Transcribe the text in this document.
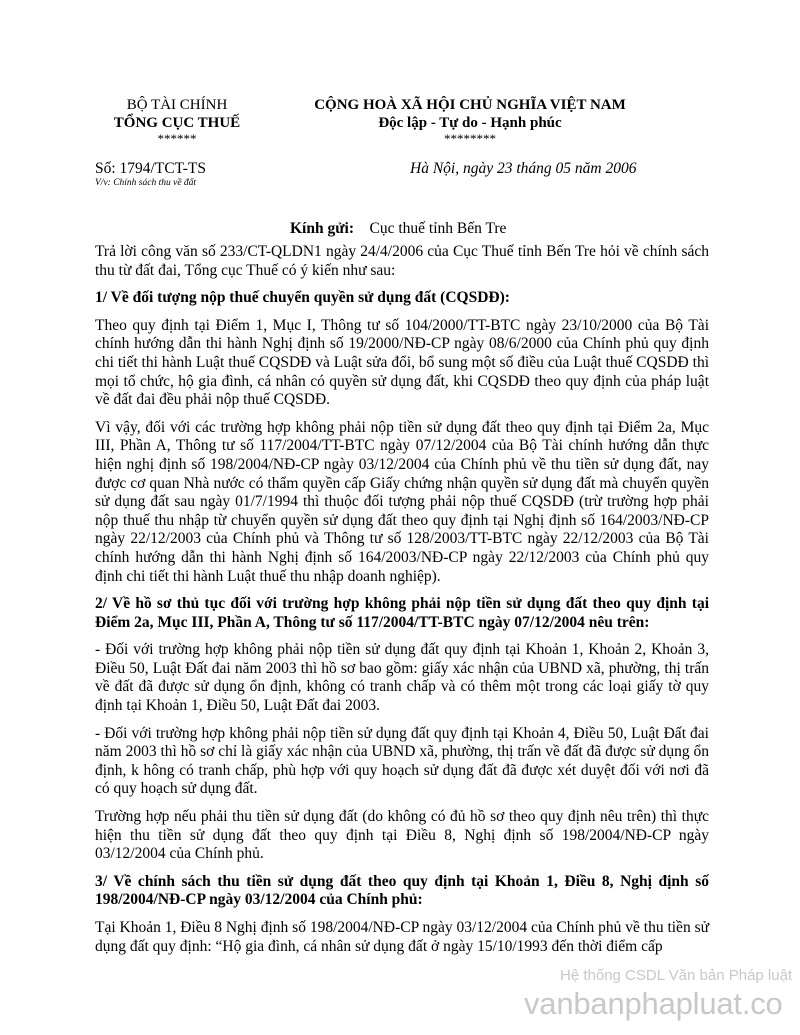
BỘ TÀI CHÍNH
TỔNG CỤC THUẾ
******
CỘNG HOÀ XÃ HỘI CHỦ NGHĨA VIỆT NAM
Độc lập - Tự do - Hạnh phúc
********
Số: 1794/TCT-TS
V/v: Chính sách thu về đất
Hà Nội, ngày 23 tháng 05 năm 2006
Kính gửi: Cục thuế tỉnh Bến Tre

Trả lời công văn số 233/CT-QLDN1 ngày 24/4/2006 của Cục Thuế tỉnh Bến Tre hỏi về chính sách thu từ đất đai, Tổng cục Thuế có ý kiến như sau:

1/ Về đối tượng nộp thuế chuyển quyền sử dụng đất (CQSDĐ):

Theo quy định tại Điểm 1, Mục I, Thông tư số 104/2000/TT-BTC ngày 23/10/2000 của Bộ Tài chính hướng dẫn thi hành Nghị định số 19/2000/NĐ-CP ngày 08/6/2000 của Chính phủ quy định chi tiết thi hành Luật thuế CQSDĐ và Luật sửa đổi, bổ sung một số điều của Luật thuế CQSDĐ thì mọi tổ chức, hộ gia đình, cá nhân có quyền sử dụng đất, khi CQSDĐ theo quy định của pháp luật về đất đai đều phải nộp thuế CQSDĐ.

Vì vậy, đối với các trường hợp không phải nộp tiền sử dụng đất theo quy định tại Điểm 2a, Mục III, Phần A, Thông tư số 117/2004/TT-BTC ngày 07/12/2004 của Bộ Tài chính hướng dẫn thực hiện nghị định số 198/2004/NĐ-CP ngày 03/12/2004 của Chính phủ về thu tiền sử dụng đất, nay được cơ quan Nhà nước có thẩm quyền cấp Giấy chứng nhận quyền sử dụng đất mà chuyển quyền sử dụng đất sau ngày 01/7/1994 thì thuộc đối tượng phải nộp thuế CQSDĐ (trừ trường hợp phải nộp thuế thu nhập từ chuyển quyền sử dụng đất theo quy định tại Nghị định số 164/2003/NĐ-CP ngày 22/12/2003 của Chính phủ và Thông tư số 128/2003/TT-BTC ngày 22/12/2003 của Bộ Tài chính hướng dẫn thi hành Nghị định số 164/2003/NĐ-CP ngày 22/12/2003 của Chính phủ quy định chi tiết thi hành Luật thuế thu nhập doanh nghiệp).

2/ Về hồ sơ thủ tục đối với trường hợp không phải nộp tiền sử dụng đất theo quy định tại Điểm 2a, Mục III, Phần A, Thông tư số 117/2004/TT-BTC ngày 07/12/2004 nêu trên:

- Đối với trường hợp không phải nộp tiền sử dụng đất quy định tại Khoản 1, Khoản 2, Khoản 3, Điều 50, Luật Đất đai năm 2003 thì hồ sơ bao gồm: giấy xác nhận của UBND xã, phường, thị trấn về đất đã được sử dụng ổn định, không có tranh chấp và có thêm một trong các loại giấy tờ quy định tại Khoản 1, Điều 50, Luật Đất đai 2003.

- Đối với trường hợp không phải nộp tiền sử dụng đất quy định tại Khoản 4, Điều 50, Luật Đất đai năm 2003 thì hồ sơ chỉ là giấy xác nhận của UBND xã, phường, thị trấn về đất đã được sử dụng ổn định, k hông có tranh chấp, phù hợp với quy hoạch sử dụng đất đã được xét duyệt đối với nơi đã có quy hoạch sử dụng đất.

Trường hợp nếu phải thu tiền sử dụng đất (do không có đủ hồ sơ theo quy định nêu trên) thì thực hiện thu tiền sử dụng đất theo quy định tại Điều 8, Nghị định số 198/2004/NĐ-CP ngày 03/12/2004 của Chính phủ.

3/ Về chính sách thu tiền sử dụng đất theo quy định tại Khoản 1, Điều 8, Nghị định số 198/2004/NĐ-CP ngày 03/12/2004 của Chính phủ:

Tại Khoản 1, Điều 8 Nghị định số 198/2004/NĐ-CP ngày 03/12/2004 của Chính phủ về thu tiền sử dụng đất quy định: “Hộ gia đình, cá nhân sử dụng đất ở ngày 15/10/1993 đến thời điểm cấp

Hệ thống CSDL Văn bản Pháp luật
vanbanphapluat.co
